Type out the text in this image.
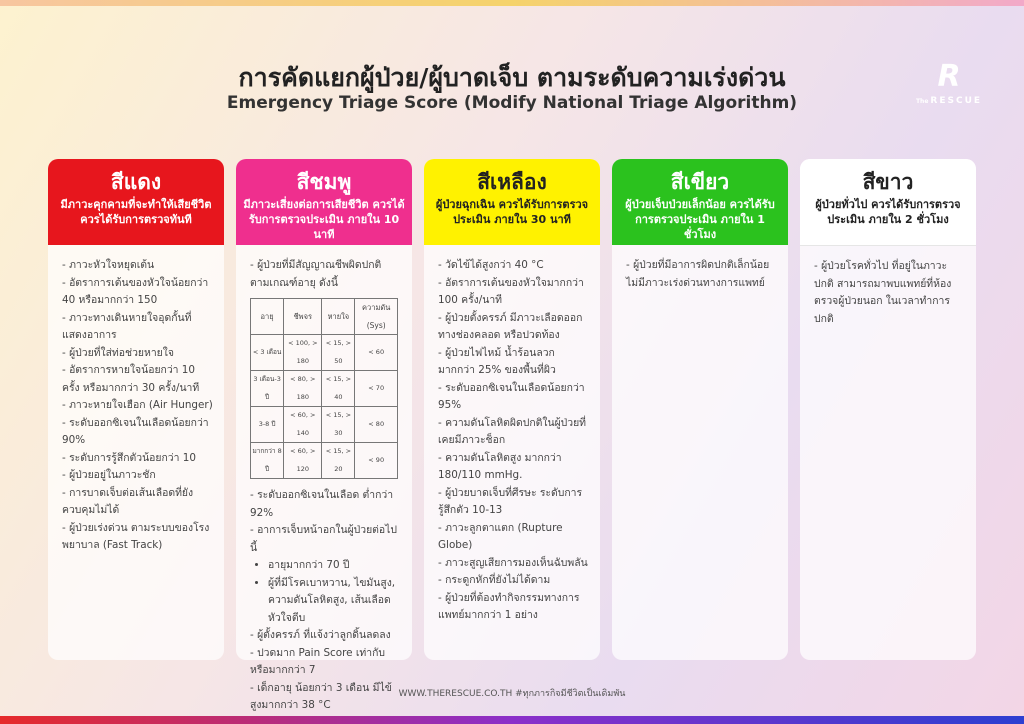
การคัดแยกผู้ป่วย/ผู้บาดเจ็บ ตามระดับความเร่งด่วน
Emergency Triage Score (Modify National Triage Algorithm)
R
The RESCUE
สีแดง
มีภาวะคุกคามที่จะทำให้เสียชีวิต ควรได้รับการตรวจทันที
- ภาวะหัวใจหยุดเต้น
- อัตราการเต้นของหัวใจน้อยกว่า 40 หรือมากกว่า 150
- ภาวะทางเดินหายใจอุดกั้นที่แสดงอาการ
- ผู้ป่วยที่ใส่ท่อช่วยหายใจ
- อัตราการหายใจน้อยกว่า 10 ครั้ง หรือมากกว่า 30 ครั้ง/นาที
- ภาวะหายใจเฮือก (Air Hunger)
- ระดับออกซิเจนในเลือดน้อยกว่า 90%
- ระดับการรู้สึกตัวน้อยกว่า 10
- ผู้ป่วยอยู่ในภาวะชัก
- การบาดเจ็บต่อเส้นเลือดที่ยังควบคุมไม่ได้
- ผู้ป่วยเร่งด่วน ตามระบบของโรงพยาบาล (Fast Track)
สีชมพู
มีภาวะเสี่ยงต่อการเสียชีวิต ควรได้รับการตรวจประเมิน ภายใน 10 นาที
- ผู้ป่วยที่มีสัญญาณชีพผิดปกติ ตามเกณฑ์อายุ ดังนี้
อายุ	ชีพจร	หายใจ	ความดัน (Sys)
< 3 เดือน	< 100, > 180	< 15, > 50	< 60
3 เดือน-3 ปี	< 80, > 180	< 15, > 40	< 70
3-8 ปี	< 60, > 140	< 15, > 30	< 80
มากกว่า 8 ปี	< 60, > 120	< 15, > 20	< 90
- ระดับออกซิเจนในเลือด ต่ำกว่า 92%
- อาการเจ็บหน้าอกในผู้ป่วยต่อไปนี้
• อายุมากกว่า 70 ปี
• ผู้ที่มีโรคเบาหวาน, ไขมันสูง, ความดันโลหิตสูง, เส้นเลือดหัวใจตีบ
- ผู้ตั้งครรภ์ ที่แจ้งว่าลูกดิ้นลดลง
- ปวดมาก Pain Score เท่ากับ หรือมากกว่า 7
- เด็กอายุ น้อยกว่า 3 เดือน มีไข้สูงมากกว่า 38 °C
สีเหลือง
ผู้ป่วยฉุกเฉิน ควรได้รับการตรวจประเมิน ภายใน 30 นาที
- วัดไข้ได้สูงกว่า 40 °C
- อัตราการเต้นของหัวใจมากกว่า 100 ครั้ง/นาที
- ผู้ป่วยตั้งครรภ์ มีภาวะเลือดออกทางช่องคลอด หรือปวดท้อง
- ผู้ป่วยไฟไหม้ น้ำร้อนลวก มากกว่า 25% ของพื้นที่ผิว
- ระดับออกซิเจนในเลือดน้อยกว่า 95%
- ความดันโลหิตผิดปกติในผู้ป่วยที่เคยมีภาวะช็อก
- ความดันโลหิตสูง มากกว่า 180/110 mmHg.
- ผู้ป่วยบาดเจ็บที่ศีรษะ ระดับการรู้สึกตัว 10-13
- ภาวะลูกตาแตก (Rupture Globe)
- ภาวะสูญเสียการมองเห็นฉับพลัน
- กระดูกหักที่ยังไม่ได้ดาม
- ผู้ป่วยที่ต้องทำกิจกรรมทางการแพทย์มากกว่า 1 อย่าง
สีเขียว
ผู้ป่วยเจ็บป่วยเล็กน้อย ควรได้รับการตรวจประเมิน ภายใน 1 ชั่วโมง
- ผู้ป่วยที่มีอาการผิดปกติเล็กน้อย ไม่มีภาวะเร่งด่วนทางการแพทย์
สีขาว
ผู้ป่วยทั่วไป ควรได้รับการตรวจประเมิน ภายใน 2 ชั่วโมง
- ผู้ป่วยโรคทั่วไป ที่อยู่ในภาวะปกติ สามารถมาพบแพทย์ที่ห้องตรวจผู้ป่วยนอก ในเวลาทำการปกติ
WWW.THERESCUE.CO.TH #ทุกภารกิจมีชีวิตเป็นเดิมพัน
